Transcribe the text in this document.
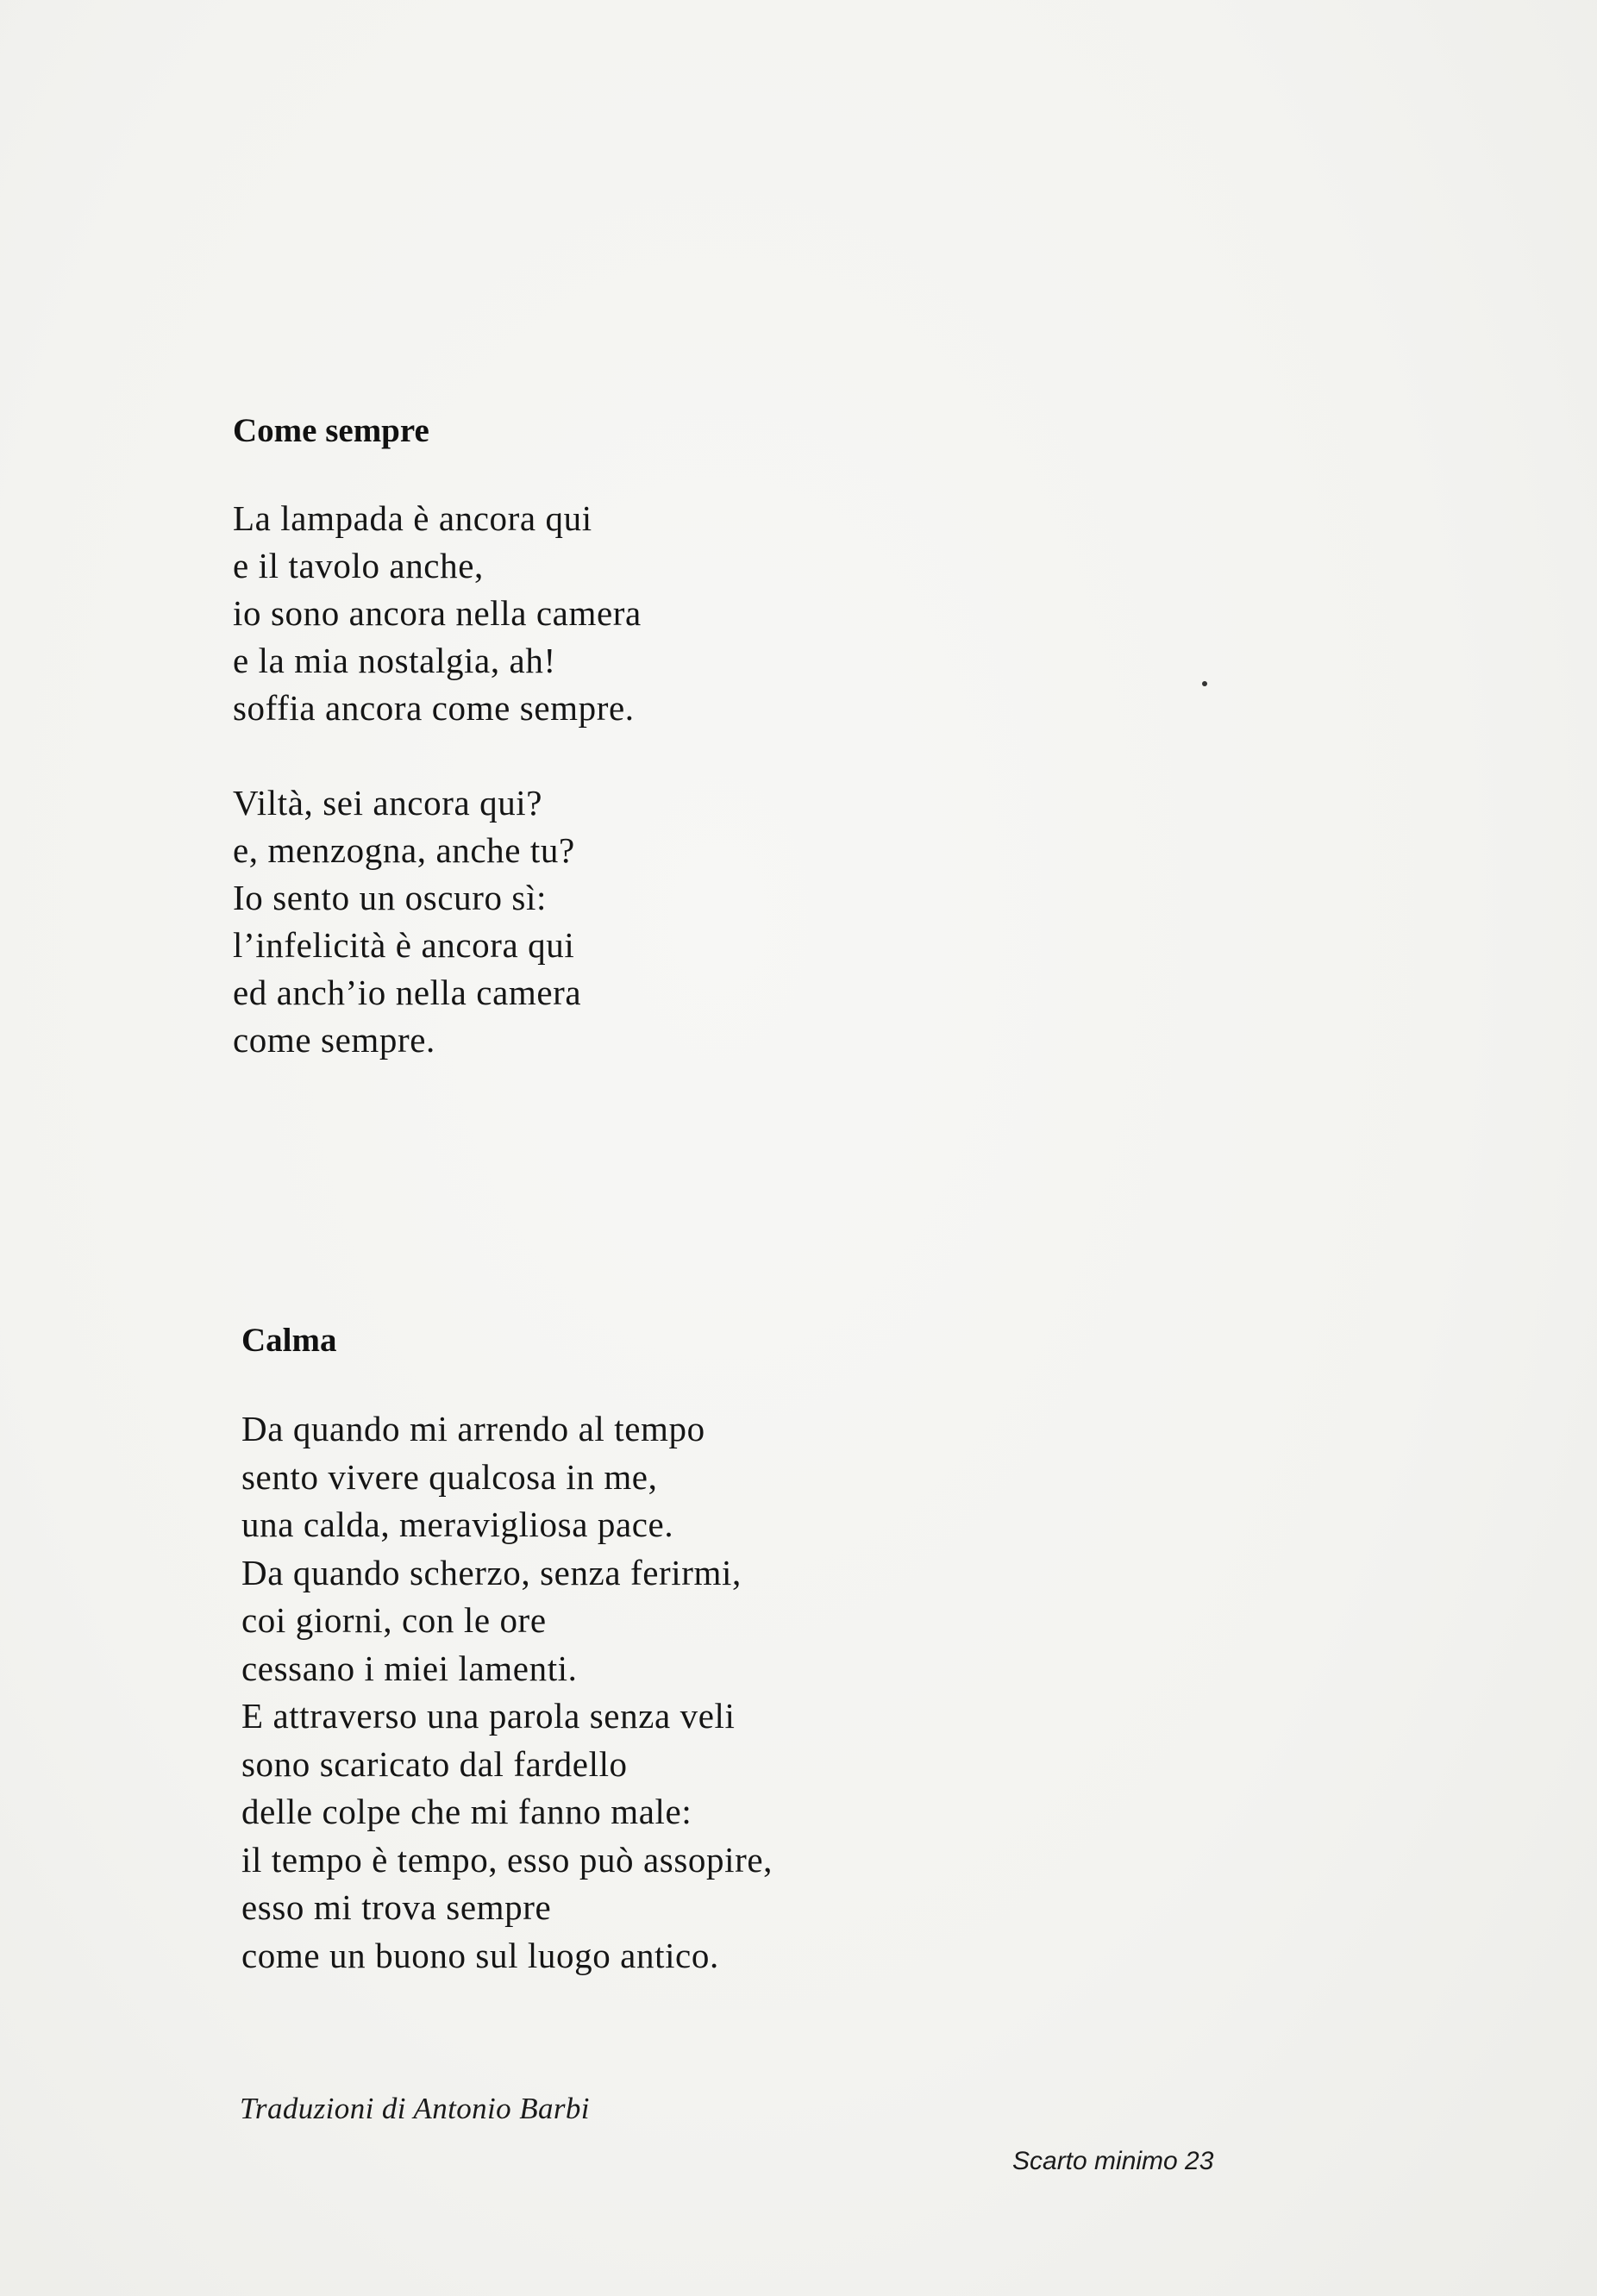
Come sempre
La lampada è ancora qui
e il tavolo anche,
io sono ancora nella camera
e la mia nostalgia, ah!
soffia ancora come sempre.
Viltà, sei ancora qui?
e, menzogna, anche tu?
Io sento un oscuro sì:
l’infelicità è ancora qui
ed anch’io nella camera
come sempre.
Calma
Da quando mi arrendo al tempo
sento vivere qualcosa in me,
una calda, meravigliosa pace.
Da quando scherzo, senza ferirmi,
coi giorni, con le ore
cessano i miei lamenti.
E attraverso una parola senza veli
sono scaricato dal fardello
delle colpe che mi fanno male:
il tempo è tempo, esso può assopire,
esso mi trova sempre
come un buono sul luogo antico.
Traduzioni di Antonio Barbi
Scarto minimo 23
